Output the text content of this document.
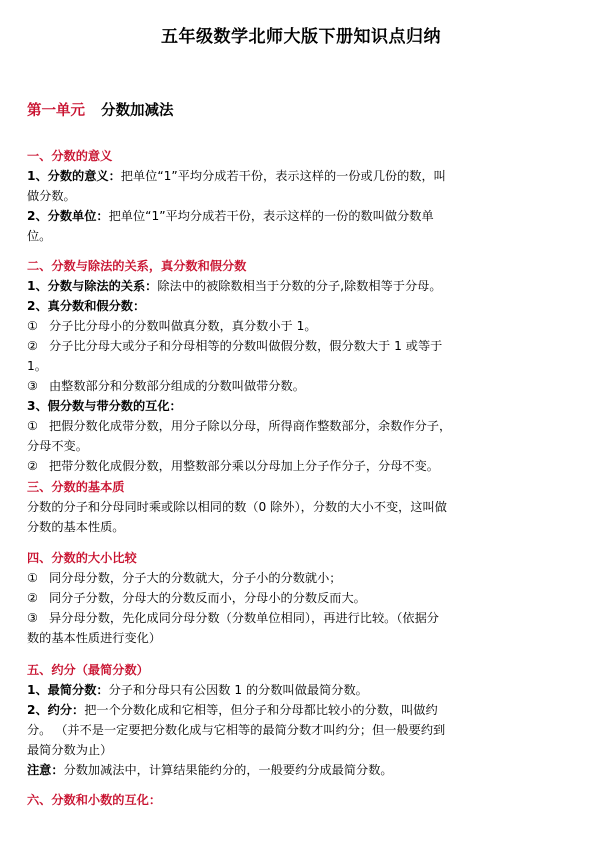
五年级数学北师大版下册知识点归纳
第一单元 分数加减法
一、分数的意义
1、分数的意义：把单位“1”平均分成若干份，表示这样的一份或几份的数，叫
做分数。
2、分数单位：把单位“1”平均分成若干份，表示这样的一份的数叫做分数单
位。
二、分数与除法的关系，真分数和假分数
1、分数与除法的关系：除法中的被除数相当于分数的分子,除数相等于分母。
2、真分数和假分数：
① 分子比分母小的分数叫做真分数，真分数小于 1。
② 分子比分母大或分子和分母相等的分数叫做假分数，假分数大于 1 或等于
1。
③ 由整数部分和分数部分组成的分数叫做带分数。
3、假分数与带分数的互化：
① 把假分数化成带分数，用分子除以分母，所得商作整数部分，余数作分子，
分母不变。
② 把带分数化成假分数，用整数部分乘以分母加上分子作分子，分母不变。
三、分数的基本质
分数的分子和分母同时乘或除以相同的数（0 除外），分数的大小不变，这叫做
分数的基本性质。
四、分数的大小比较
① 同分母分数，分子大的分数就大，分子小的分数就小；
② 同分子分数，分母大的分数反而小，分母小的分数反而大。
③ 异分母分数，先化成同分母分数（分数单位相同），再进行比较。（依据分
数的基本性质进行变化）
五、约分（最简分数）
1、最简分数：分子和分母只有公因数 1 的分数叫做最简分数。
2、约分：把一个分数化成和它相等，但分子和分母都比较小的分数，叫做约
分。 （并不是一定要把分数化成与它相等的最简分数才叫约分；但一般要约到
最简分数为止）
注意：分数加减法中，计算结果能约分的，一般要约分成最简分数。
六、分数和小数的互化：
